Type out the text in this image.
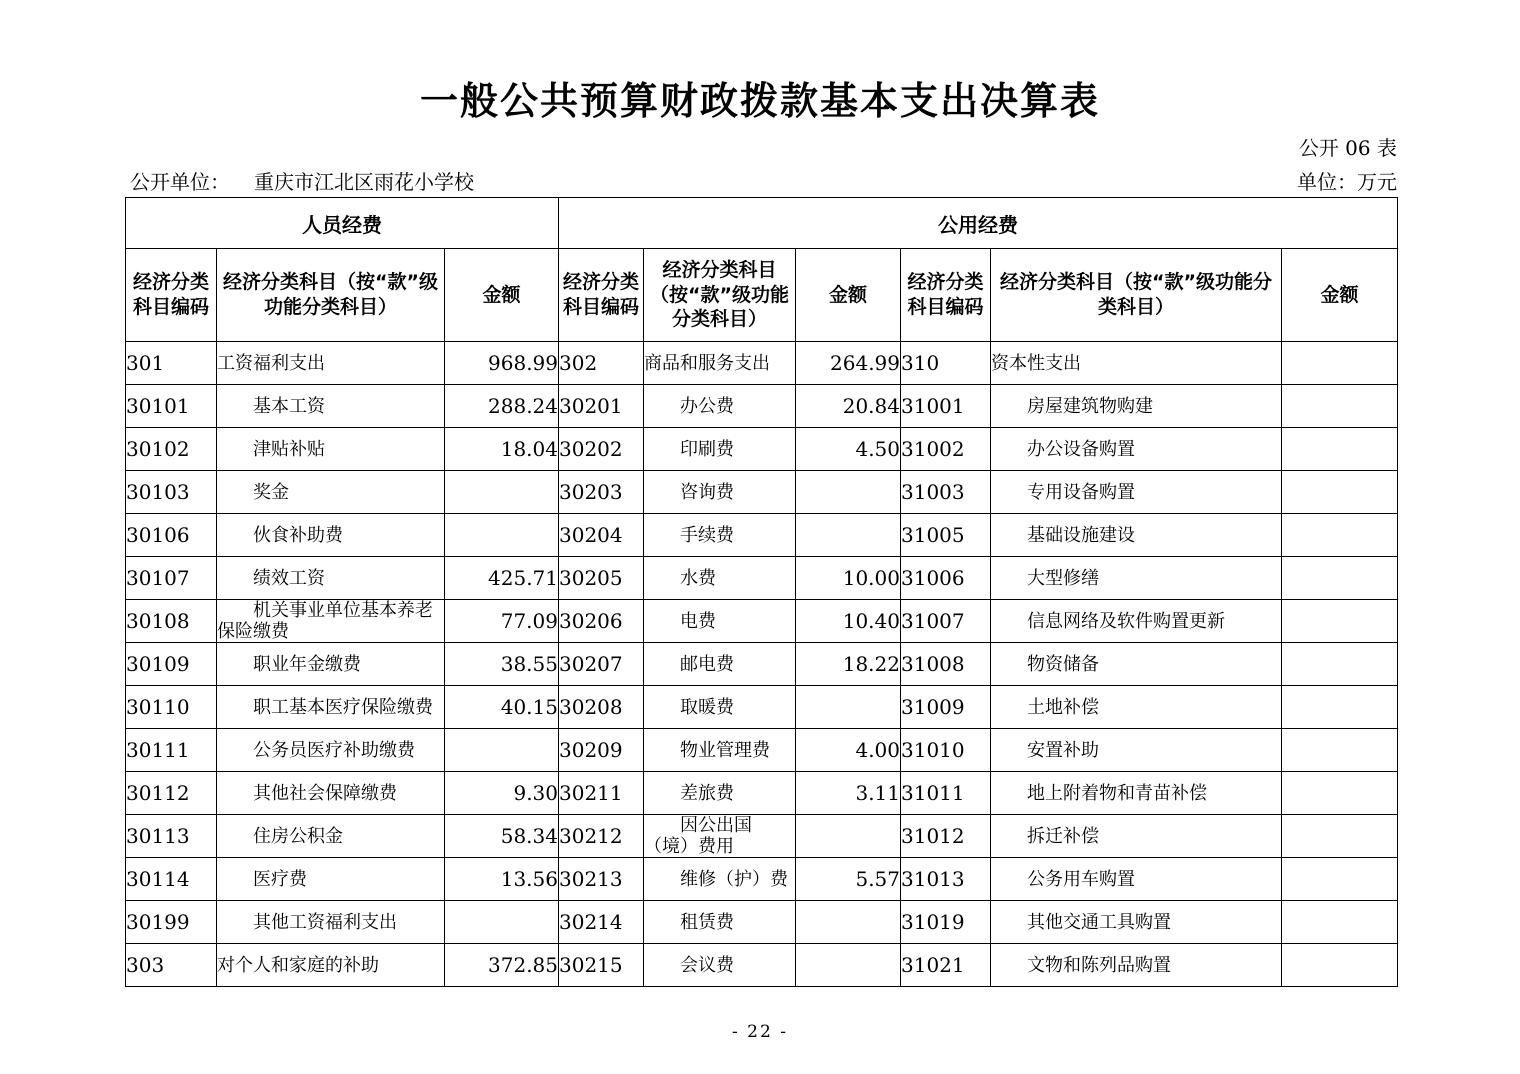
一般公共预算财政拨款基本支出决算表
公开 06 表
公开单位： 重庆市江北区雨花小学校	单位：万元
人员经费			公用经费					
经济分类科目编码	经济分类科目（按“款”级功能分类科目）	金额	经济分类科目编码	经济分类科目（按“款”级功能分类科目）	金额	经济分类科目编码	经济分类科目（按“款”级功能分类科目）	金额
301	工资福利支出	968.99	302	商品和服务支出	264.99	310	资本性支出	
30101	基本工资	288.24	30201	办公费	20.84	31001	房屋建筑物购建	
30102	津贴补贴	18.04	30202	印刷费	4.50	31002	办公设备购置	
30103	奖金		30203	咨询费		31003	专用设备购置	
30106	伙食补助费		30204	手续费		31005	基础设施建设	
30107	绩效工资	425.71	30205	水费	10.00	31006	大型修缮	
30108	机关事业单位基本养老保险缴费	77.09	30206	电费	10.40	31007	信息网络及软件购置更新	
30109	职业年金缴费	38.55	30207	邮电费	18.22	31008	物资储备	
30110	职工基本医疗保险缴费	40.15	30208	取暖费		31009	土地补偿	
30111	公务员医疗补助缴费		30209	物业管理费	4.00	31010	安置补助	
30112	其他社会保障缴费	9.30	30211	差旅费	3.11	31011	地上附着物和青苗补偿	
30113	住房公积金	58.34	30212	因公出国（境）费用		31012	拆迁补偿	
30114	医疗费	13.56	30213	维修（护）费	5.57	31013	公务用车购置	
30199	其他工资福利支出		30214	租赁费		31019	其他交通工具购置	
303	对个人和家庭的补助	372.85	30215	会议费		31021	文物和陈列品购置	
- 22 -
